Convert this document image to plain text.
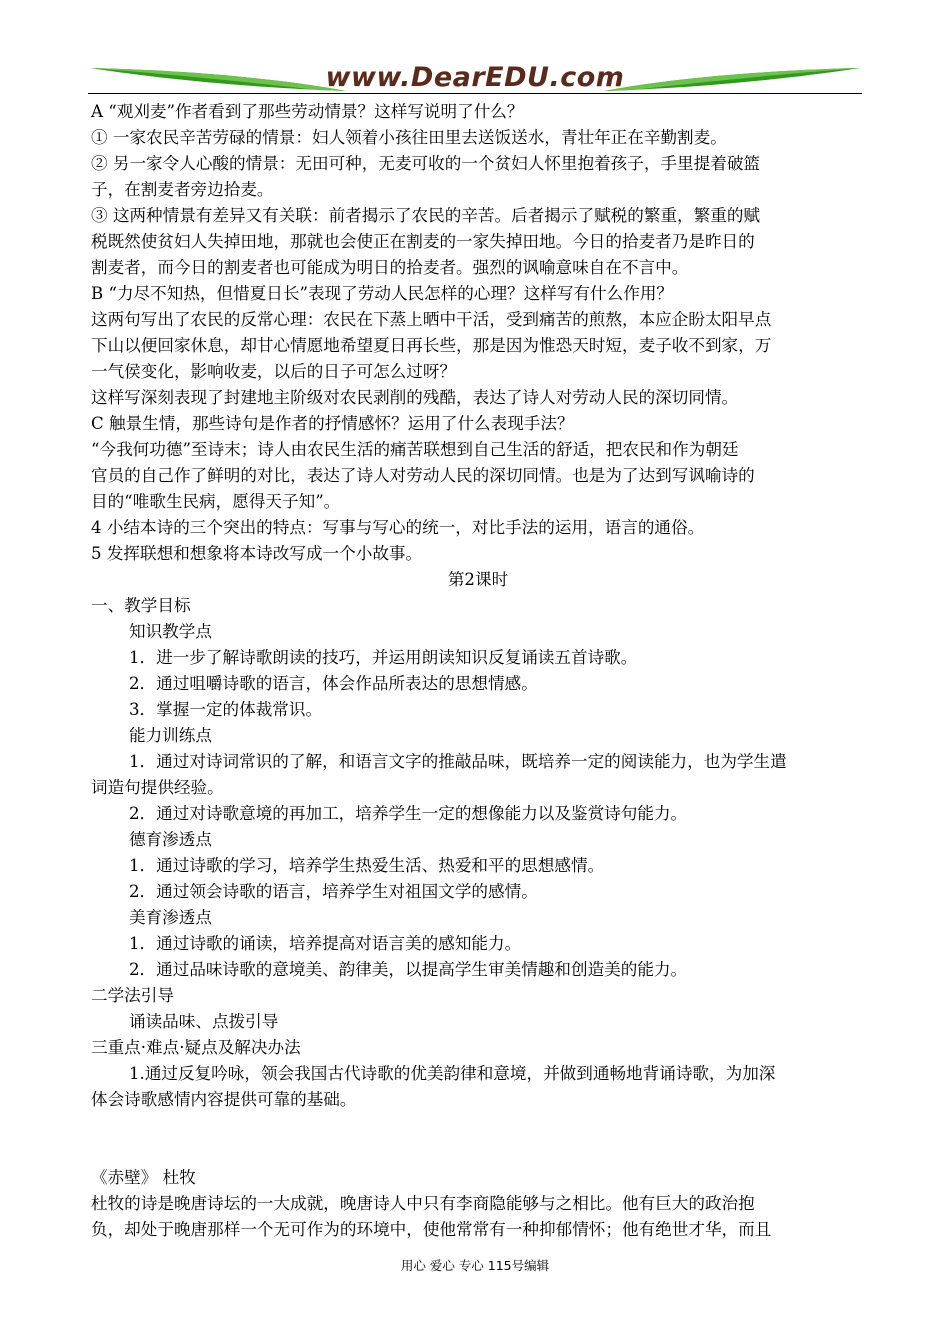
www.DearEDU.com

A “观刈麦”作者看到了那些劳动情景？这样写说明了什么？

① 一家农民辛苦劳碌的情景：妇人领着小孩往田里去送饭送水，青壮年正在辛勤割麦。

② 另一家令人心酸的情景：无田可种，无麦可收的一个贫妇人怀里抱着孩子，手里提着破篮

子，在割麦者旁边拾麦。

③ 这两种情景有差异又有关联：前者揭示了农民的辛苦。后者揭示了赋税的繁重，繁重的赋

税既然使贫妇人失掉田地，那就也会使正在割麦的一家失掉田地。今日的拾麦者乃是昨日的

割麦者，而今日的割麦者也可能成为明日的拾麦者。强烈的讽喻意味自在不言中。

B “力尽不知热，但惜夏日长”表现了劳动人民怎样的心理？这样写有什么作用？

这两句写出了农民的反常心理：农民在下蒸上晒中干活，受到痛苦的煎熬，本应企盼太阳早点

下山以便回家休息，却甘心情愿地希望夏日再长些，那是因为惟恐天时短，麦子收不到家，万

一气侯变化，影响收麦，以后的日子可怎么过呀？

这样写深刻表现了封建地主阶级对农民剥削的残酷，表达了诗人对劳动人民的深切同情。

C 触景生情，那些诗句是作者的抒情感怀？运用了什么表现手法？

“今我何功德”至诗末；诗人由农民生活的痛苦联想到自己生活的舒适，把农民和作为朝廷

官员的自己作了鲜明的对比，表达了诗人对劳动人民的深切同情。也是为了达到写讽喻诗的

目的“唯歌生民病，愿得天子知”。

4 小结本诗的三个突出的特点：写事与写心的统一，对比手法的运用，语言的通俗。

5 发挥联想和想象将本诗改写成一个小故事。

第2课时

一、教学目标

知识教学点

1．进一步了解诗歌朗读的技巧，并运用朗读知识反复诵读五首诗歌。

2．通过咀嚼诗歌的语言，体会作品所表达的思想情感。

3．掌握一定的体裁常识。

能力训练点

1．通过对诗词常识的了解，和语言文字的推敲品味，既培养一定的阅读能力，也为学生遣

词造句提供经验。

2．通过对诗歌意境的再加工，培养学生一定的想像能力以及鉴赏诗句能力。

德育渗透点

1．通过诗歌的学习，培养学生热爱生活、热爱和平的思想感情。

2．通过领会诗歌的语言，培养学生对祖国文学的感情。

美育渗透点

1．通过诗歌的诵读，培养提高对语言美的感知能力。

2．通过品味诗歌的意境美、韵律美，以提高学生审美情趣和创造美的能力。

二学法引导

诵读品味、点拨引导

三重点·难点·疑点及解决办法

1.通过反复吟咏，领会我国古代诗歌的优美韵律和意境，并做到通畅地背诵诗歌，为加深

体会诗歌感情内容提供可靠的基础。

《赤壁》 杜牧

杜牧的诗是晚唐诗坛的一大成就，晚唐诗人中只有李商隐能够与之相比。他有巨大的政治抱

负，却处于晚唐那样一个无可作为的环境中，使他常常有一种抑郁情怀；他有绝世才华，而且

用心 爱心 专心 115号编辑
